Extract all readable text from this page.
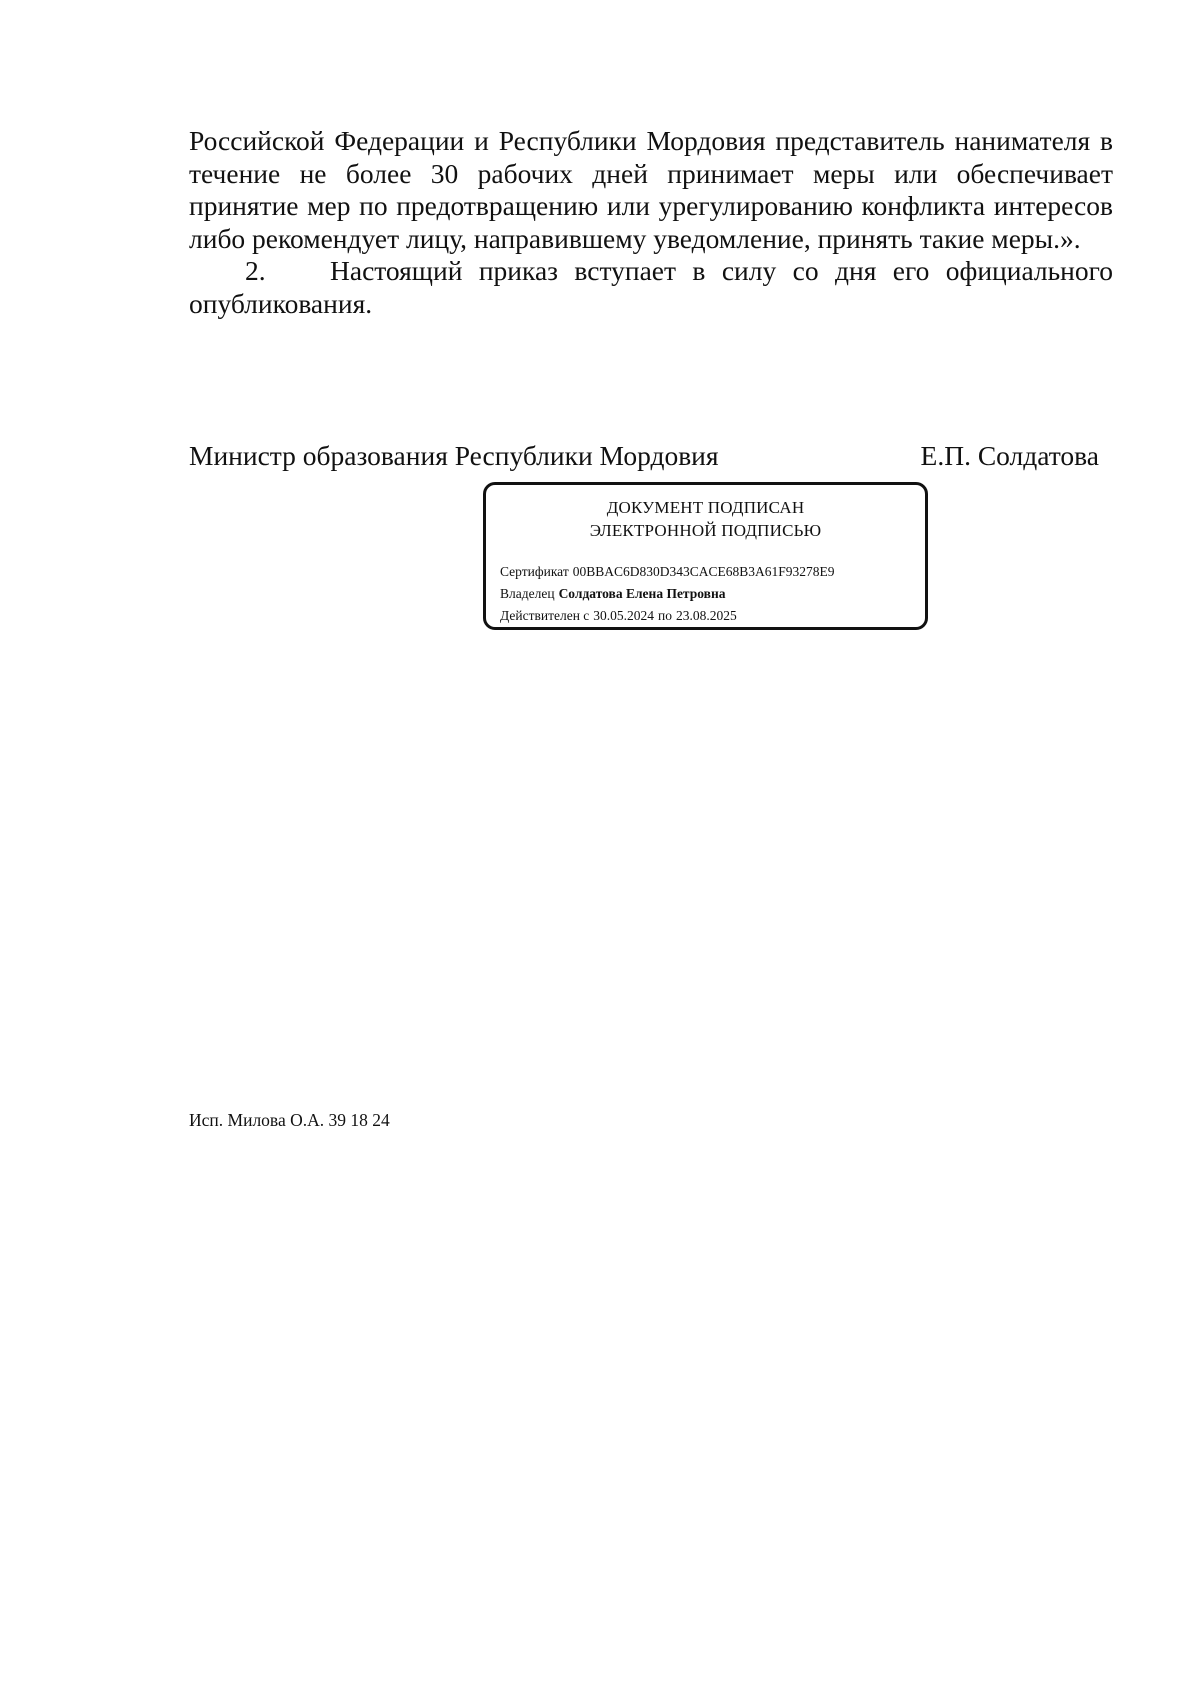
Российской Федерации и Республики Мордовия представитель нанимателя в течение не более 30 рабочих дней принимает меры или обеспечивает принятие мер по предотвращению или урегулированию конфликта интересов либо рекомендует лицу, направившему уведомление, принять такие меры.».

2. Настоящий приказ вступает в силу со дня его официального опубликования.

Министр образования Республики Мордовия	Е.П. Солдатова
ДОКУМЕНТ ПОДПИСАН
ЭЛЕКТРОННОЙ ПОДПИСЬЮ
Сертификат 00BBAC6D830D343CACE68B3A61F93278E9
Владелец Солдатова Елена Петровна
Действителен с 30.05.2024 по 23.08.2025
Исп. Милова О.А. 39 18 24
